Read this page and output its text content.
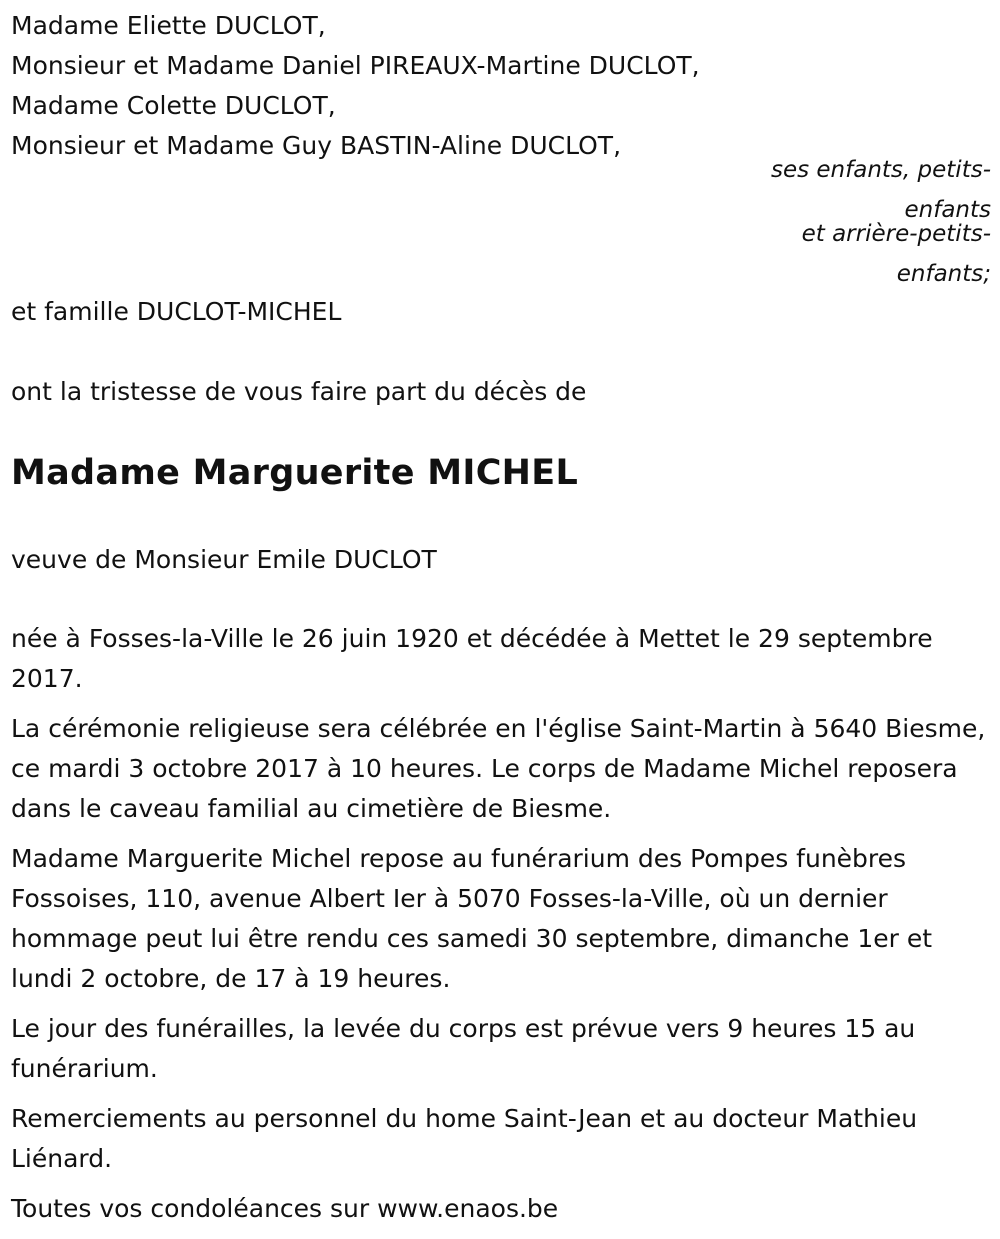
Madame Eliette DUCLOT,

Monsieur et Madame Daniel PIREAUX-Martine DUCLOT,

Madame Colette DUCLOT,

Monsieur et Madame Guy BASTIN-Aline DUCLOT,

ses enfants, petits-
enfants
et arrière-petits-
enfants;

et famille DUCLOT-MICHEL

ont la tristesse de vous faire part du décès de

Madame Marguerite MICHEL

veuve de Monsieur Emile DUCLOT

née à Fosses-la-Ville le 26 juin 1920 et décédée à Mettet le 29 septembre 2017.

La cérémonie religieuse sera célébrée en l'église Saint-Martin à 5640 Biesme, ce mardi 3 octobre 2017 à 10 heures. Le corps de Madame Michel reposera dans le caveau familial au cimetière de Biesme.

Madame Marguerite Michel repose au funérarium des Pompes funèbres Fossoises, 110, avenue Albert Ier à 5070 Fosses-la-Ville, où un dernier hommage peut lui être rendu ces samedi 30 septembre, dimanche 1er et lundi 2 octobre, de 17 à 19 heures.

Le jour des funérailles, la levée du corps est prévue vers 9 heures 15 au funérarium.

Remerciements au personnel du home Saint-Jean et au docteur Mathieu Liénard.

Toutes vos condoléances sur www.enaos.be
